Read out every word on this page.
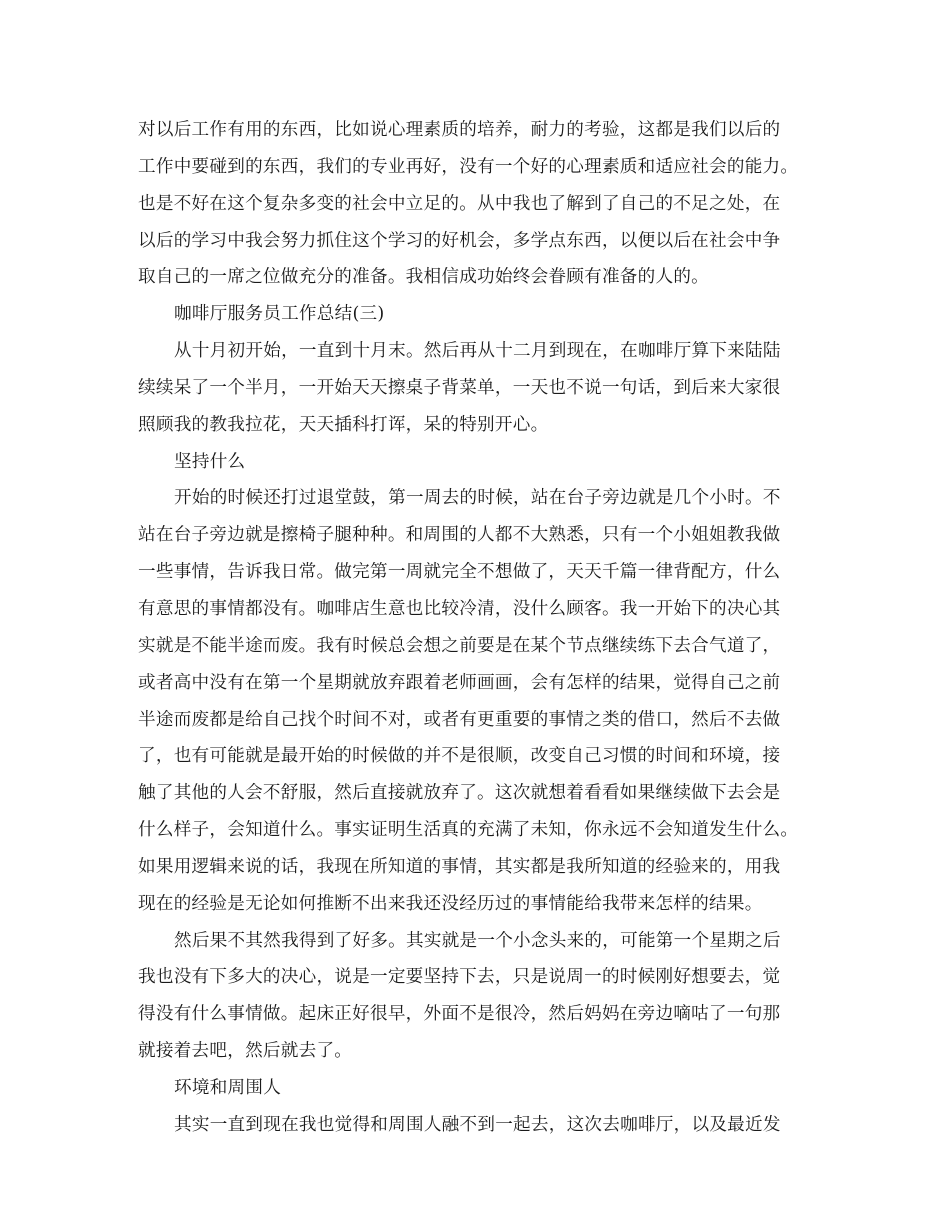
对以后工作有用的东西，比如说心理素质的培养，耐力的考验，这都是我们以后的
工作中要碰到的东西，我们的专业再好，没有一个好的心理素质和适应社会的能力。
也是不好在这个复杂多变的社会中立足的。从中我也了解到了自己的不足之处，在
以后的学习中我会努力抓住这个学习的好机会，多学点东西，以便以后在社会中争
取自己的一席之位做充分的准备。我相信成功始终会眷顾有准备的人的。
咖啡厅服务员工作总结(三)
从十月初开始，一直到十月末。然后再从十二月到现在，在咖啡厅算下来陆陆
续续呆了一个半月，一开始天天擦桌子背菜单，一天也不说一句话，到后来大家很
照顾我的教我拉花，天天插科打诨，呆的特别开心。
坚持什么
开始的时候还打过退堂鼓，第一周去的时候，站在台子旁边就是几个小时。不
站在台子旁边就是擦椅子腿种种。和周围的人都不大熟悉，只有一个小姐姐教我做
一些事情，告诉我日常。做完第一周就完全不想做了，天天千篇一律背配方，什么
有意思的事情都没有。咖啡店生意也比较冷清，没什么顾客。我一开始下的决心其
实就是不能半途而废。我有时候总会想之前要是在某个节点继续练下去合气道了，
或者高中没有在第一个星期就放弃跟着老师画画，会有怎样的结果，觉得自己之前
半途而废都是给自己找个时间不对，或者有更重要的事情之类的借口，然后不去做
了，也有可能就是最开始的时候做的并不是很顺，改变自己习惯的时间和环境，接
触了其他的人会不舒服，然后直接就放弃了。这次就想着看看如果继续做下去会是
什么样子，会知道什么。事实证明生活真的充满了未知，你永远不会知道发生什么。
如果用逻辑来说的话，我现在所知道的事情，其实都是我所知道的经验来的，用我
现在的经验是无论如何推断不出来我还没经历过的事情能给我带来怎样的结果。
然后果不其然我得到了好多。其实就是一个小念头来的，可能第一个星期之后
我也没有下多大的决心，说是一定要坚持下去，只是说周一的时候刚好想要去，觉
得没有什么事情做。起床正好很早，外面不是很冷，然后妈妈在旁边嘀咕了一句那
就接着去吧，然后就去了。
环境和周围人
其实一直到现在我也觉得和周围人融不到一起去，这次去咖啡厅，以及最近发
